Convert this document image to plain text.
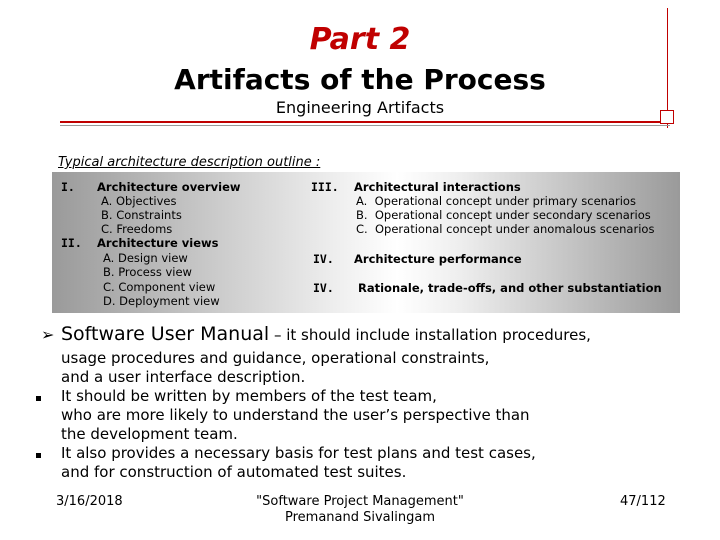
Part 2
Artifacts of the Process
Engineering Artifacts
Typical architecture description outline :
I. Architecture overview
A. Objectives
B. Constraints
C. Freedoms
II. Architecture views
A. Design view
B. Process view
C. Component view
D. Deployment view
III. Architectural interactions
A.  Operational concept under primary scenarios
B.  Operational concept under secondary scenarios
C.  Operational concept under anomalous scenarios
IV. Architecture performance
IV. Rationale, trade-offs, and other substantiation
➢ Software User Manual – it should include installation procedures,
usage procedures and guidance, operational constraints,
and a user interface description.
It should be written by members of the test team,
who are more likely to understand the user’s perspective than
the development team.
It also provides a necessary basis for test plans and test cases,
and for construction of automated test suites.
3/16/2018	"Software Project Management"
Premanand Sivalingam
47/112
